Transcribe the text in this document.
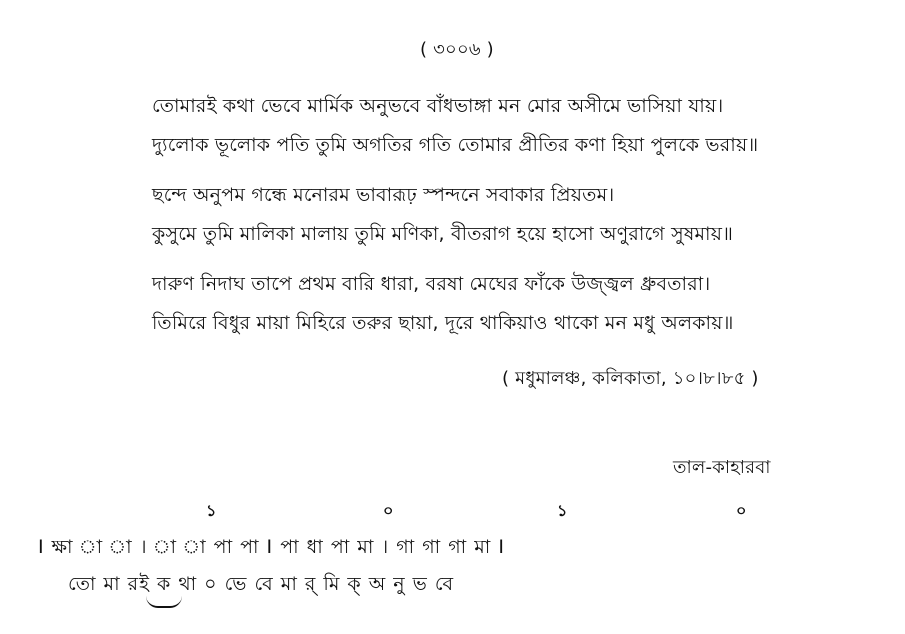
( ৩০০৬ )
তোমারই কথা ভেবে মার্মিক অনুভবে বাঁধভাঙ্গা মন মোর অসীমে ভাসিয়া যায়।
দ্যুলোক ভূলোক পতি তুমি অগতির গতি তোমার প্রীতির কণা হিয়া পুলকে ভরায়॥
ছন্দে অনুপম গন্ধে মনোরম ভাবারূঢ় স্পন্দনে সবাকার প্রিয়তম।
কুসুমে তুমি মালিকা মালায় তুমি মণিকা, বীতরাগ হয়ে হাসো অণুরাগে সুষমায়॥
দারুণ নিদাঘ তাপে প্রথম বারি ধারা, বরষা মেঘের ফাঁকে উজ্জ্বল ধ্রুবতারা।
তিমিরে বিধুর মায়া মিহিরে তরুর ছায়া, দূরে থাকিয়াও থাকো মন মধু অলকায়॥
( মধুমালঞ্চ, কলিকাতা, ১০।৮।৮৫ )
তাল-কাহারবা
১	০	১	০
I ক্ষা া া । া া পা পা I পা ধা পা মা । গা গা গা মা I
তো মা রই ক থা ০ ভে বে মা র্ মি ক্ অ নু ভ বে
